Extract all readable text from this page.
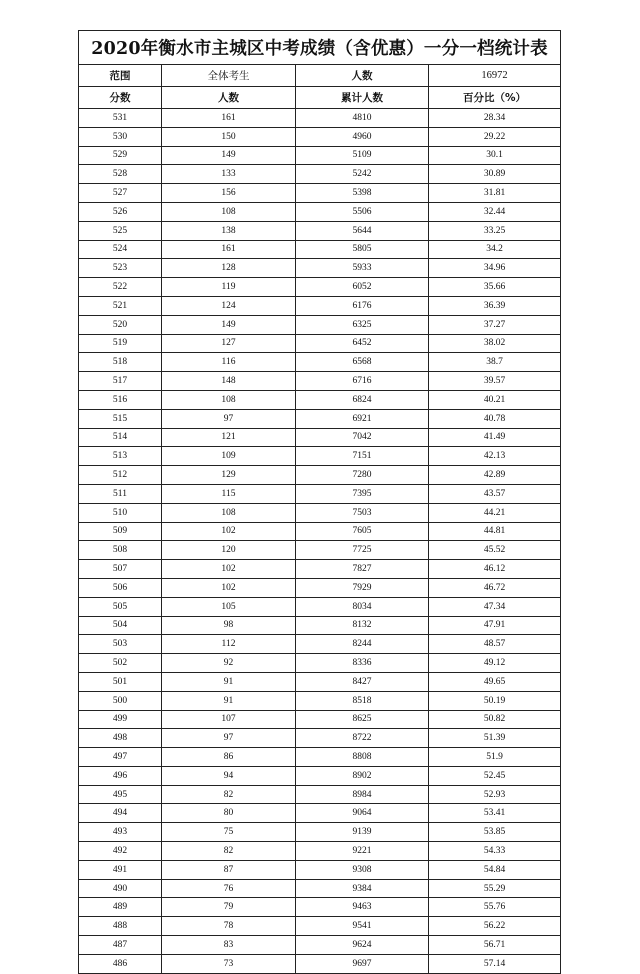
2020年衡水市主城区中考成绩（含优惠）一分一档统计表			
范围	全体考生	人数	16972
分数	人数	累计人数	百分比（%）
531	161	4810	28.34
530	150	4960	29.22
529	149	5109	30.1
528	133	5242	30.89
527	156	5398	31.81
526	108	5506	32.44
525	138	5644	33.25
524	161	5805	34.2
523	128	5933	34.96
522	119	6052	35.66
521	124	6176	36.39
520	149	6325	37.27
519	127	6452	38.02
518	116	6568	38.7
517	148	6716	39.57
516	108	6824	40.21
515	97	6921	40.78
514	121	7042	41.49
513	109	7151	42.13
512	129	7280	42.89
511	115	7395	43.57
510	108	7503	44.21
509	102	7605	44.81
508	120	7725	45.52
507	102	7827	46.12
506	102	7929	46.72
505	105	8034	47.34
504	98	8132	47.91
503	112	8244	48.57
502	92	8336	49.12
501	91	8427	49.65
500	91	8518	50.19
499	107	8625	50.82
498	97	8722	51.39
497	86	8808	51.9
496	94	8902	52.45
495	82	8984	52.93
494	80	9064	53.41
493	75	9139	53.85
492	82	9221	54.33
491	87	9308	54.84
490	76	9384	55.29
489	79	9463	55.76
488	78	9541	56.22
487	83	9624	56.71
486	73	9697	57.14
